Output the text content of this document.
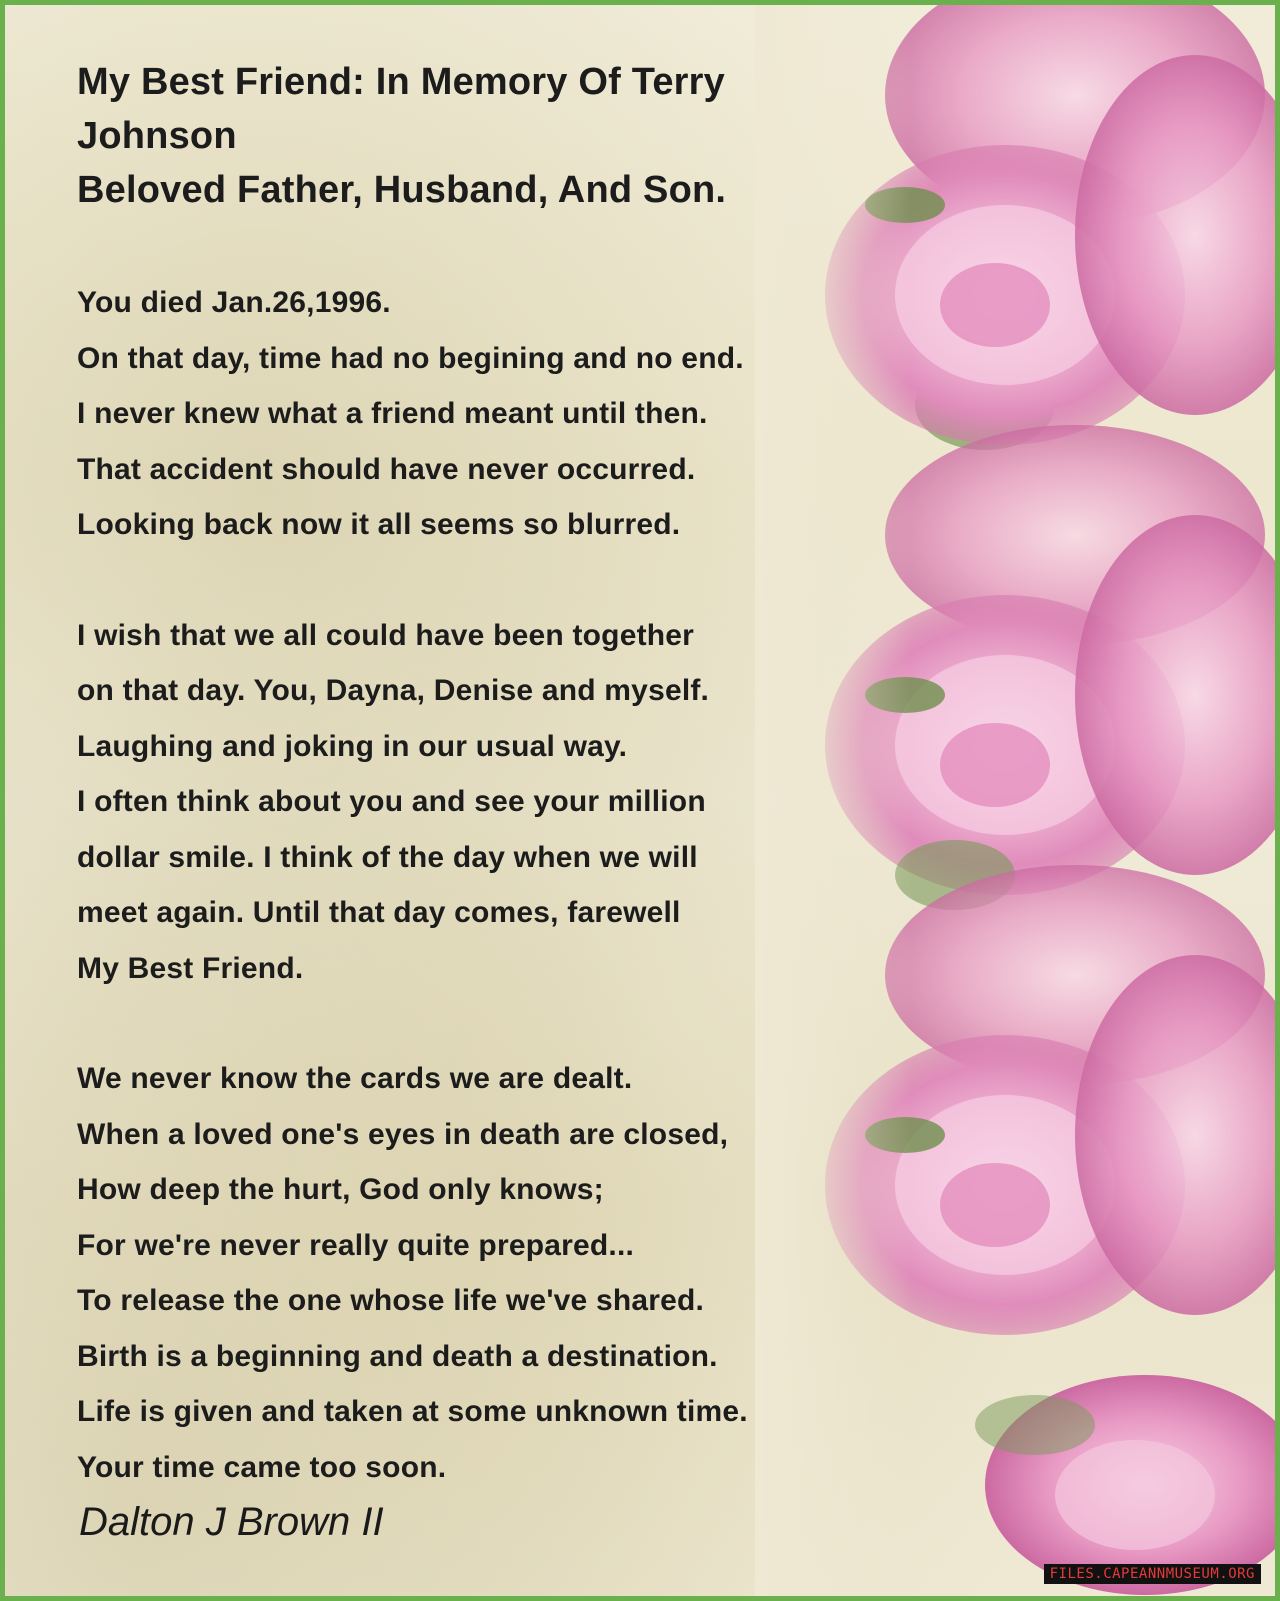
My Best Friend: In Memory Of Terry Johnson
Beloved Father, Husband, And Son.
You died Jan.26,1996.
On that day, time had no begining and no end.
I never knew what a friend meant until then.
That accident should have never occurred.
Looking back now it all seems so blurred.
I wish that we all could have been together
on that day. You, Dayna, Denise and myself.
Laughing and joking in our usual way.
I often think about you and see your million
dollar smile. I think of the day when we will
meet again. Until that day comes, farewell
My Best Friend.
We never know the cards we are dealt.
When a loved one's eyes in death are closed,
How deep the hurt, God only knows;
For we're never really quite prepared...
To release the one whose life we've shared.
Birth is a beginning and death a destination.
Life is given and taken at some unknown time.
Your time came too soon.
Dalton J Brown II
FILES.CAPEANNMUSEUM.ORG
